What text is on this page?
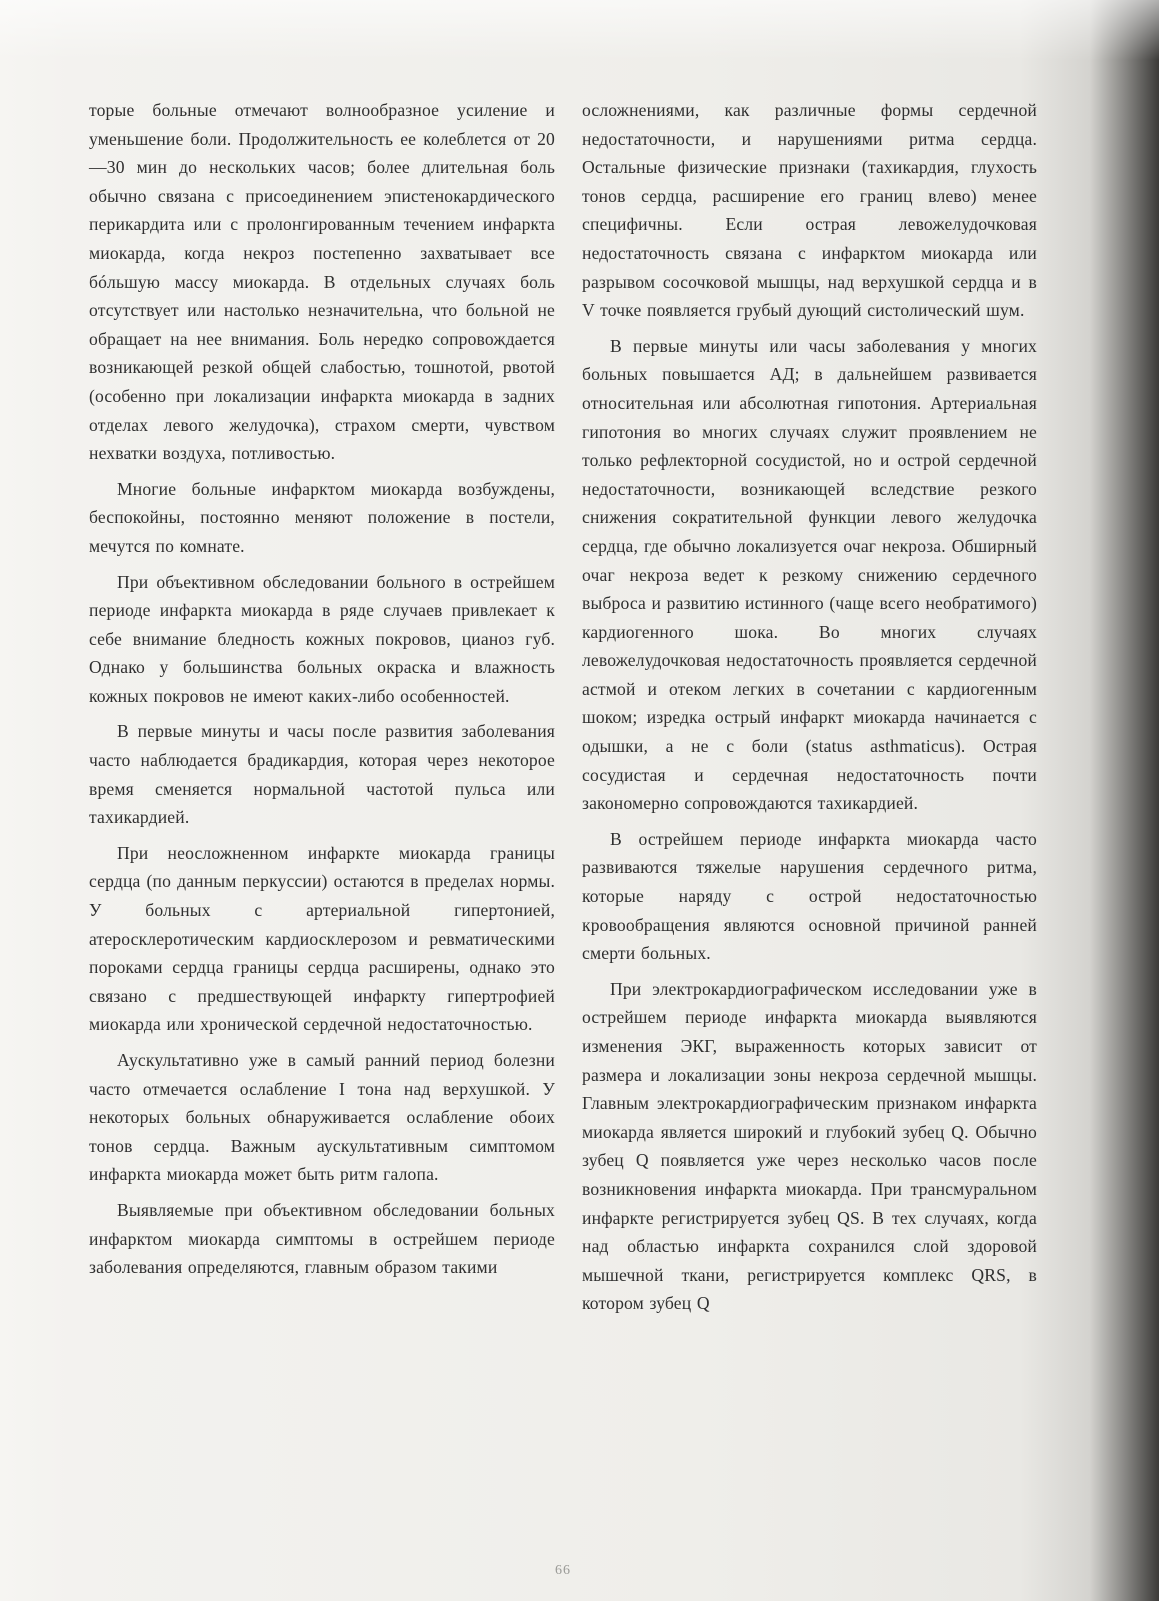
торые больные отмечают волнообразное усиление и уменьшение боли. Продолжительность ее колеблется от 20—30 мин до нескольких часов; более длительная боль обычно связана с присоединением эпистенокардического перикардита или с пролонгированным течением инфаркта миокарда, когда некроз постепенно захватывает все бóльшую массу миокарда. В отдельных случаях боль отсутствует или настолько незначительна, что больной не обращает на нее внимания. Боль нередко сопровождается возникающей резкой общей слабостью, тошнотой, рвотой (особенно при локализации инфаркта миокарда в задних отделах левого желудочка), страхом смерти, чувством нехватки воздуха, потливостью.

Многие больные инфарктом миокарда возбуждены, беспокойны, постоянно меняют положение в постели, мечутся по комнате.

При объективном обследовании больного в острейшем периоде инфаркта миокарда в ряде случаев привлекает к себе внимание бледность кожных покровов, цианоз губ. Однако у большинства больных окраска и влажность кожных покровов не имеют каких-либо особенностей.

В первые минуты и часы после развития заболевания часто наблюдается брадикардия, которая через некоторое время сменяется нормальной частотой пульса или тахикардией.

При неосложненном инфаркте миокарда границы сердца (по данным перкуссии) остаются в пределах нормы. У больных с артериальной гипертонией, атеросклеротическим кардиосклерозом и ревматическими пороками сердца границы сердца расширены, однако это связано с предшествующей инфаркту гипертрофией миокарда или хронической сердечной недостаточностью.

Аускультативно уже в самый ранний период болезни часто отмечается ослабление I тона над верхушкой. У некоторых больных обнаруживается ослабление обоих тонов сердца. Важным аускультативным симптомом инфаркта миокарда может быть ритм галопа.

Выявляемые при объективном обследовании больных инфарктом миокарда симптомы в острейшем периоде заболевания определяются, главным образом такими

осложнениями, как различные формы сердечной недостаточности, и нарушениями ритма сердца. Остальные физические признаки (тахикардия, глухость тонов сердца, расширение его границ влево) менее специфичны. Если острая левожелудочковая недостаточность связана с инфарктом миокарда или разрывом сосочковой мышцы, над верхушкой сердца и в V точке появляется грубый дующий систолический шум.

В первые минуты или часы заболевания у многих больных повышается АД; в дальнейшем развивается относительная или абсолютная гипотония. Артериальная гипотония во многих случаях служит проявлением не только рефлекторной сосудистой, но и острой сердечной недостаточности, возникающей вследствие резкого снижения сократительной функции левого желудочка сердца, где обычно локализуется очаг некроза. Обширный очаг некроза ведет к резкому снижению сердечного выброса и развитию истинного (чаще всего необратимого) кардиогенного шока. Во многих случаях левожелудочковая недостаточность проявляется сердечной астмой и отеком легких в сочетании с кардиогенным шоком; изредка острый инфаркт миокарда начинается с одышки, а не с боли (status asthmaticus). Острая сосудистая и сердечная недостаточность почти закономерно сопровождаются тахикардией.

В острейшем периоде инфаркта миокарда часто развиваются тяжелые нарушения сердечного ритма, которые наряду с острой недостаточностью кровообращения являются основной причиной ранней смерти больных.

При электрокардиографическом исследовании уже в острейшем периоде инфаркта миокарда выявляются изменения ЭКГ, выраженность которых зависит от размера и локализации зоны некроза сердечной мышцы. Главным электрокардиографическим признаком инфаркта миокарда является широкий и глубокий зубец Q. Обычно зубец Q появляется уже через несколько часов после возникновения инфаркта миокарда. При трансмуральном инфаркте регистрируется зубец QS. В тех случаях, когда над областью инфаркта сохранился слой здоровой мышечной ткани, регистрируется комплекс QRS, в котором зубец Q

66
